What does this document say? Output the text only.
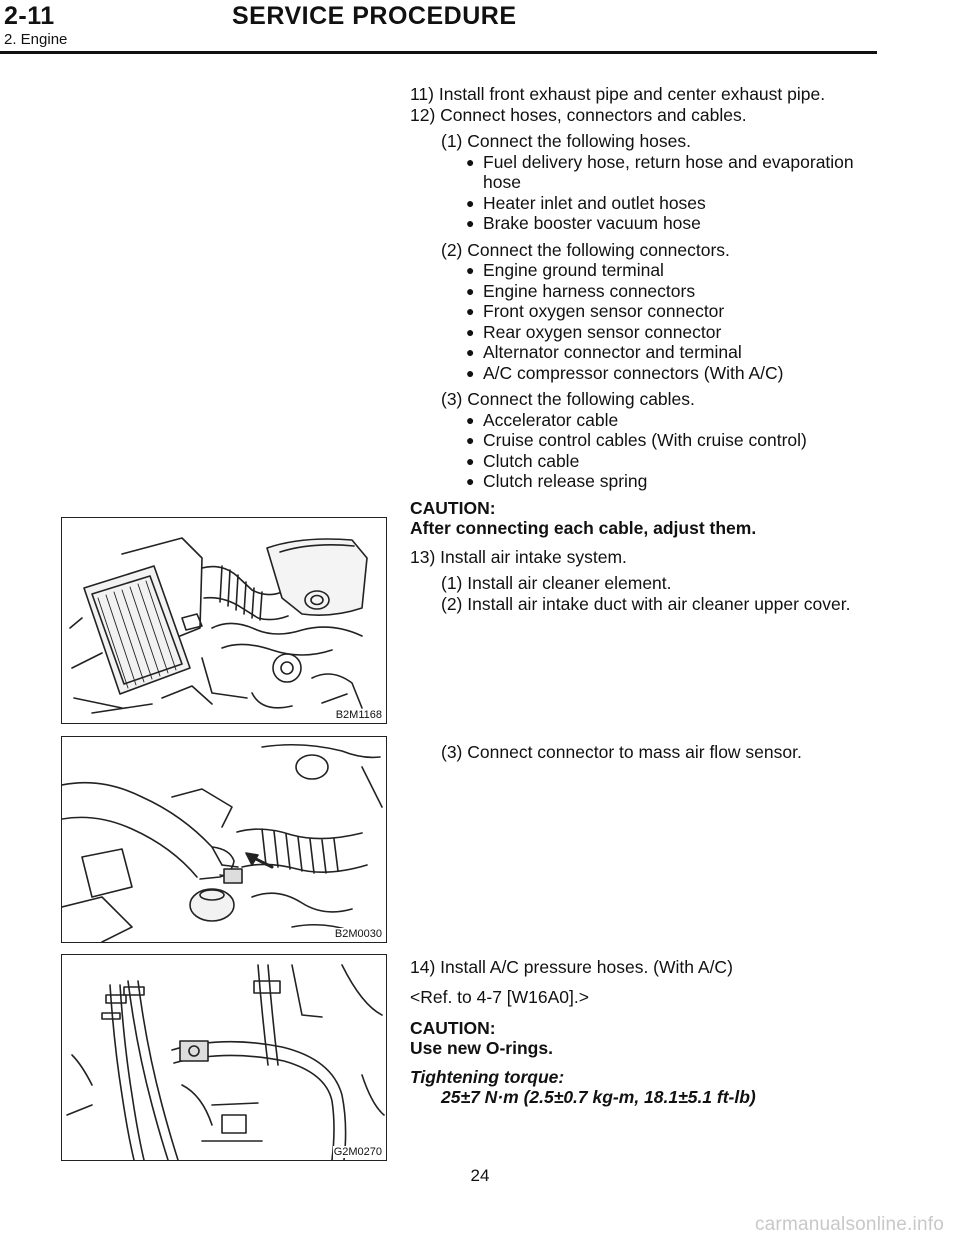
2-11	SERVICE PROCEDURE
2. Engine
B2M1168
B2M0030
G2M0270
11) Install front exhaust pipe and center exhaust pipe.
12) Connect hoses, connectors and cables.
(1) Connect the following hoses.
● Fuel delivery hose, return hose and evaporation
hose
● Heater inlet and outlet hoses
● Brake booster vacuum hose
(2) Connect the following connectors.
● Engine ground terminal
● Engine harness connectors
● Front oxygen sensor connector
● Rear oxygen sensor connector
● Alternator connector and terminal
● A/C compressor connectors (With A/C)
(3) Connect the following cables.
● Accelerator cable
● Cruise control cables (With cruise control)
● Clutch cable
● Clutch release spring
CAUTION:
After connecting each cable, adjust them.
13) Install air intake system.
(1) Install air cleaner element.
(2) Install air intake duct with air cleaner upper cover.
(3) Connect connector to mass air flow sensor.
14) Install A/C pressure hoses. (With A/C)
<Ref. to 4-7 [W16A0].>
CAUTION:
Use new O-rings.
Tightening torque:
25±7 N·m (2.5±0.7 kg-m, 18.1±5.1 ft-lb)
24
carmanualsonline.info
